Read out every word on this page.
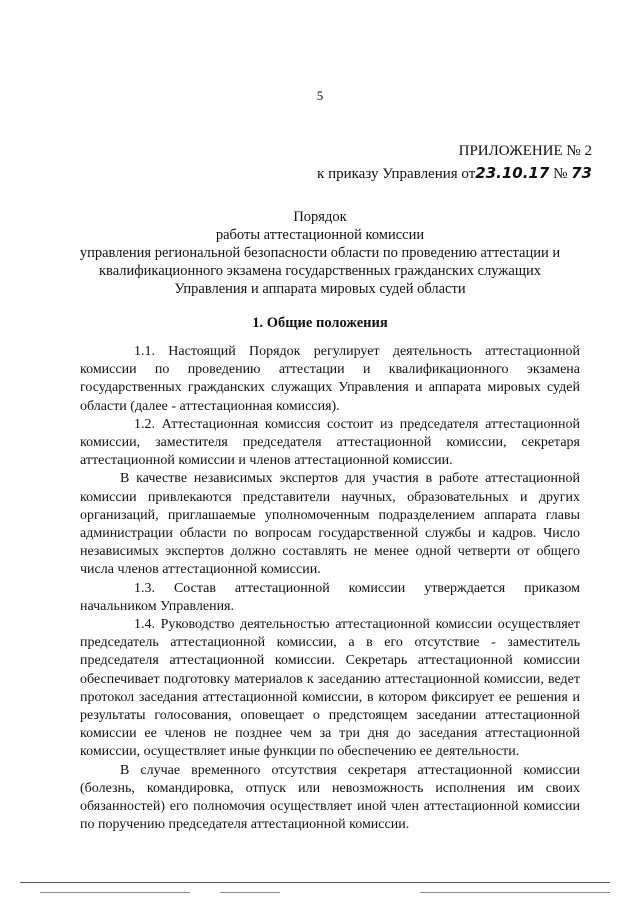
5
ПРИЛОЖЕНИЕ № 2
к приказу Управления от23.10.17 № 73
Порядок
работы аттестационной комиссии
управления региональной безопасности области по проведению аттестации и
квалификационного экзамена государственных гражданских служащих
Управления и аппарата мировых судей области
1. Общие положения

1.1. Настоящий Порядок регулирует деятельность аттестационной комиссии по проведению аттестации и квалификационного экзамена государственных гражданских служащих Управления и аппарата мировых судей области (далее - аттестационная комиссия).

1.2. Аттестационная комиссия состоит из председателя аттестационной комиссии, заместителя председателя аттестационной комиссии, секретаря аттестационной комиссии и членов аттестационной комиссии.

В качестве независимых экспертов для участия в работе аттестационной комиссии привлекаются представители научных, образовательных и других организаций, приглашаемые уполномоченным подразделением аппарата главы администрации области по вопросам государственной службы и кадров. Число независимых экспертов должно составлять не менее одной четверти от общего числа членов аттестационной комиссии.

1.3. Состав аттестационной комиссии утверждается приказом начальником Управления.

1.4. Руководство деятельностью аттестационной комиссии осуществляет председатель аттестационной комиссии, а в его отсутствие - заместитель председателя аттестационной комиссии. Секретарь аттестационной комиссии обеспечивает подготовку материалов к заседанию аттестационной комиссии, ведет протокол заседания аттестационной комиссии, в котором фиксирует ее решения и результаты голосования, оповещает о предстоящем заседании аттестационной комиссии ее членов не позднее чем за три дня до заседания аттестационной комиссии, осуществляет иные функции по обеспечению ее деятельности.

В случае временного отсутствия секретаря аттестационной комиссии (болезнь, командировка, отпуск или невозможность исполнения им своих обязанностей) его полномочия осуществляет иной член аттестационной комиссии по поручению председателя аттестационной комиссии.
